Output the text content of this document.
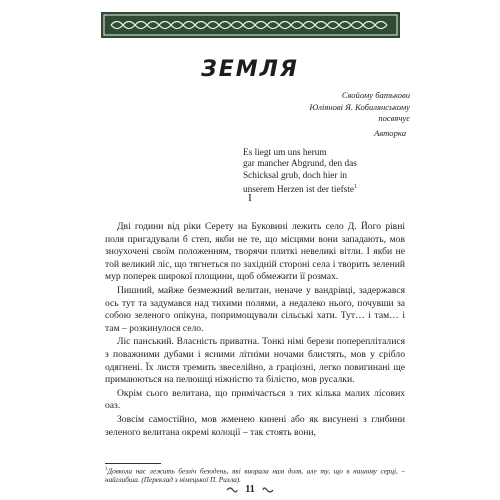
ЗЕМЛЯ
Свойому батькови
Юліянові Я. Кобилянському
посвячує
Авторка
Es liegt um uns herum
gar mancher Abgrund, den das
Schicksal grub, doch hier in
unserem Herzen ist der tiefste$^1$
I

Дві години від ріки Серету на Буковині лежить село Д. Його рівні поля пригадували б степ, якби не те, що місцями вони западають, мов зноухочені своїм положенням, творячи плиткі невеликі вітли. І якби не той великий ліс, що тягнеться по західній стороні села і творить зелений мур поперек широкої площини, щоб обмежити її розмах.

Пишний, майже безмежний велитан, неначе у вандрівці, задержався ось тут та задумався над тихими полями, а недалеко нього, почувши за собою зеленого опікуна, попримощували сільські хати. Тут… і там… і там – розкинулося село.

Ліс панський. Власність приватна. Тонкі німі берези поперепліталися з поважними дубами і ясними літніми ночами блистять, мов у срібло одягнені. Їх листя тремить звеселійно, а граціозні, легко повигинані ще примаюються на пелюшці ніжністю та білістю, мов русалки.

Окрім сього велитана, що примічається з тих кілька малих лісових оаз.

Зовсім самостійно, мов жменею кинені або як висунені з глибини зеленого велитана окремі колоції – так стоять вони,

$^1$Довкола нас лежить безліч безодень, які виорала нам доля, але ту, що в нашому серці, – найглибша. (Переклад з німецької П. Рихла).
11
